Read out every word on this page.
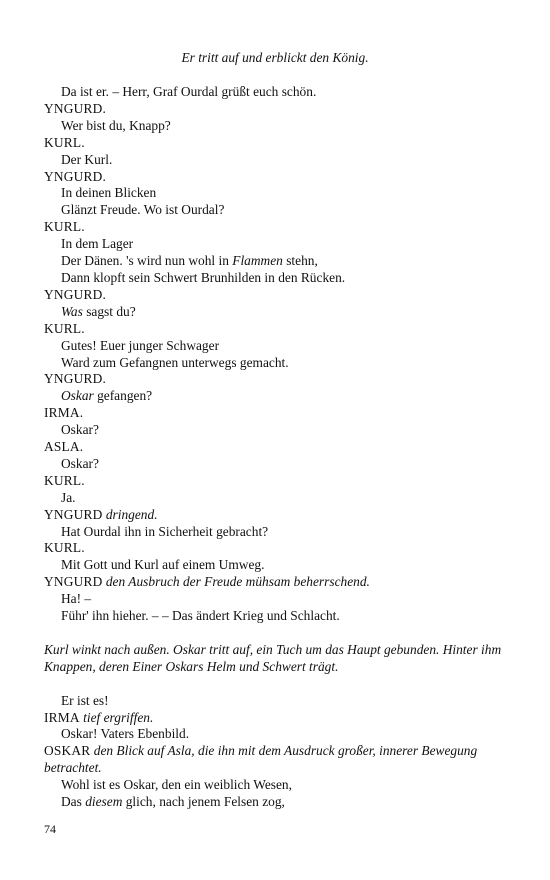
Er tritt auf und erblickt den König.
Da ist er. – Herr, Graf Ourdal grüßt euch schön.
YNGURD.
Wer bist du, Knapp?
KURL.
Der Kurl.
YNGURD.
In deinen Blicken
Glänzt Freude. Wo ist Ourdal?
KURL.
In dem Lager
Der Dänen. 's wird nun wohl in Flammen stehn,
Dann klopft sein Schwert Brunhilden in den Rücken.
YNGURD.
Was sagst du?
KURL.
Gutes! Euer junger Schwager
Ward zum Gefangnen unterwegs gemacht.
YNGURD.
Oskar gefangen?
IRMA.
Oskar?
ASLA.
Oskar?
KURL.
Ja.
YNGURD dringend.
Hat Ourdal ihn in Sicherheit gebracht?
KURL.
Mit Gott und Kurl auf einem Umweg.
YNGURD den Ausbruch der Freude mühsam beherrschend.
Ha! –
Führ' ihn hieher. – – Das ändert Krieg und Schlacht.
Kurl winkt nach außen. Oskar tritt auf, ein Tuch um das Haupt gebunden. Hinter ihm Knappen, deren Einer Oskars Helm und Schwert trägt.
Er ist es!
IRMA tief ergriffen.
Oskar! Vaters Ebenbild.
OSKAR den Blick auf Asla, die ihn mit dem Ausdruck großer, innerer Bewegung betrachtet.
Wohl ist es Oskar, den ein weiblich Wesen,
Das diesem glich, nach jenem Felsen zog,
74
